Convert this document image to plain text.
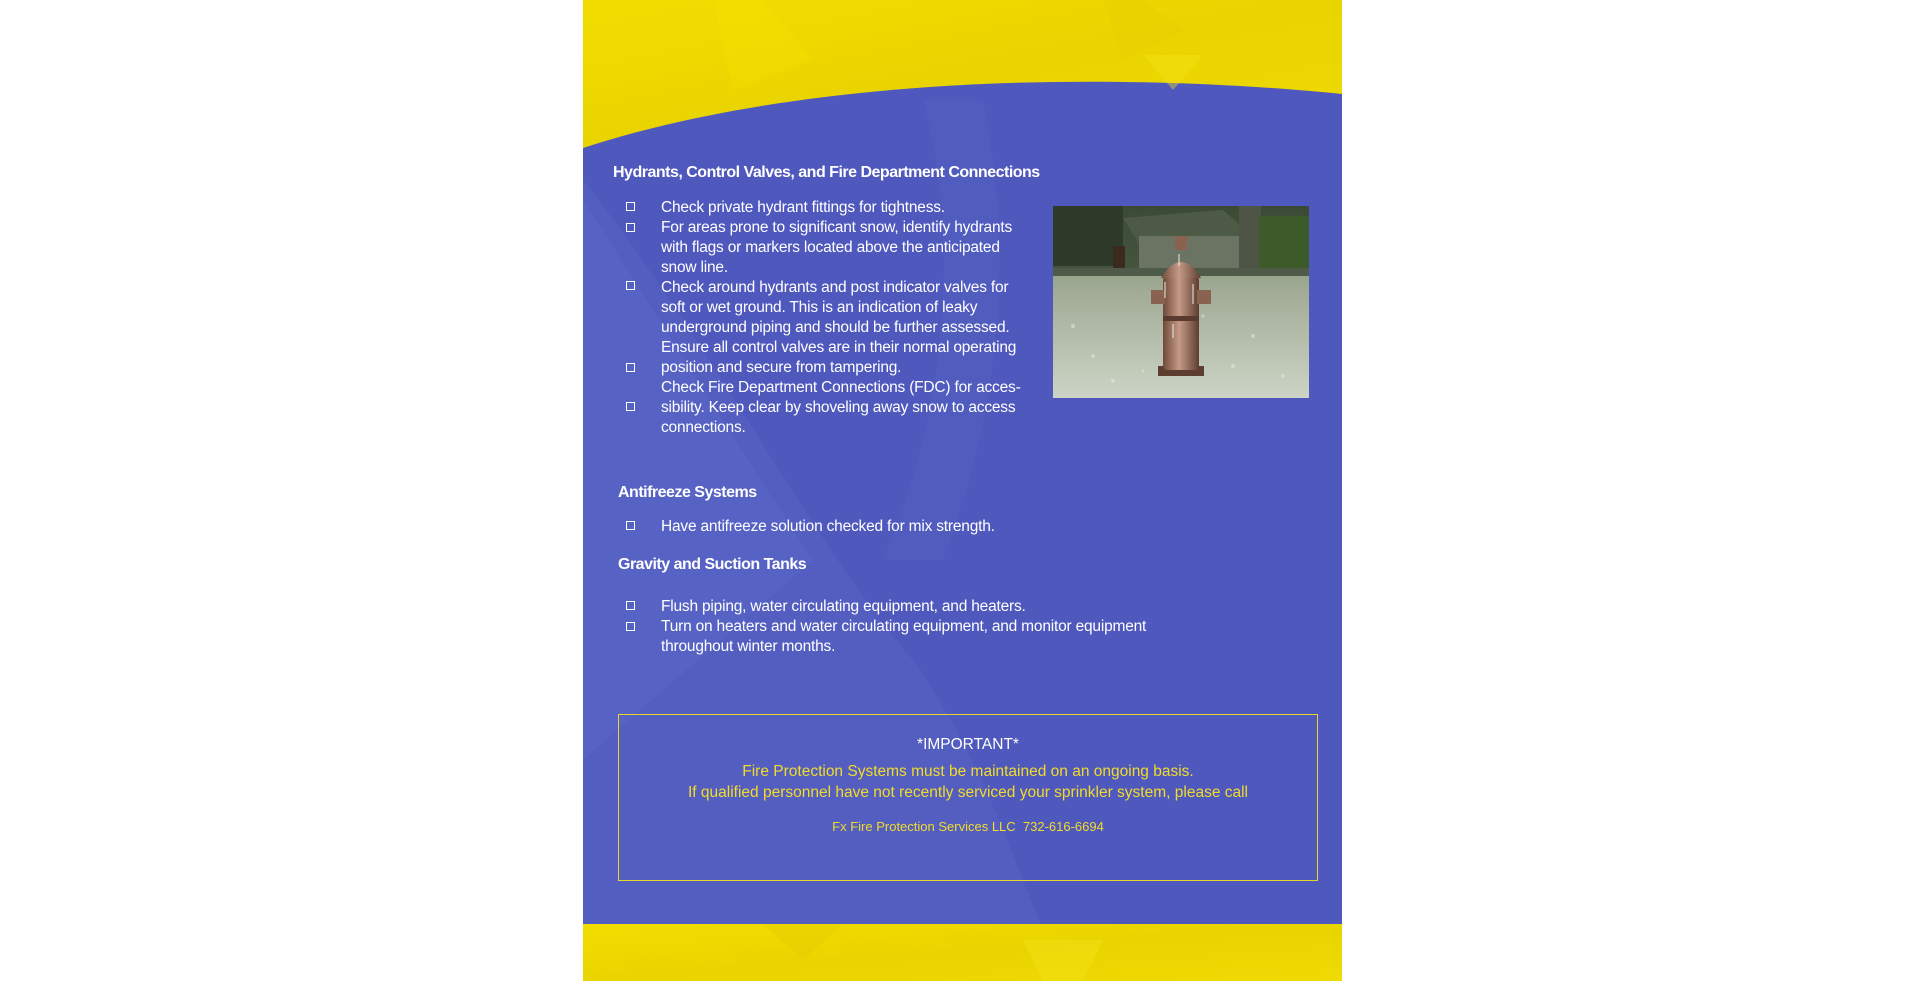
Hydrants, Control Valves, and Fire Department Connections
Check private hydrant fittings for tightness.
For areas prone to significant snow, identify hydrants
with flags or markers located above the anticipated
snow line.
Check around hydrants and post indicator valves for
soft or wet ground. This is an indication of leaky
underground piping and should be further assessed.
Ensure all control valves are in their normal operating
position and secure from tampering.
Check Fire Department Connections (FDC) for acces-
sibility. Keep clear by shoveling away snow to access
connections.
Antifreeze Systems
Have antifreeze solution checked for mix strength.
Gravity and Suction Tanks
Flush piping, water circulating equipment, and heaters.
Turn on heaters and water circulating equipment, and monitor equipment
throughout winter months.
*IMPORTANT*
Fire Protection Systems must be maintained on an ongoing basis.
If qualified personnel have not recently serviced your sprinkler system, please call
Fx Fire Protection Services LLC  732-616-6694
